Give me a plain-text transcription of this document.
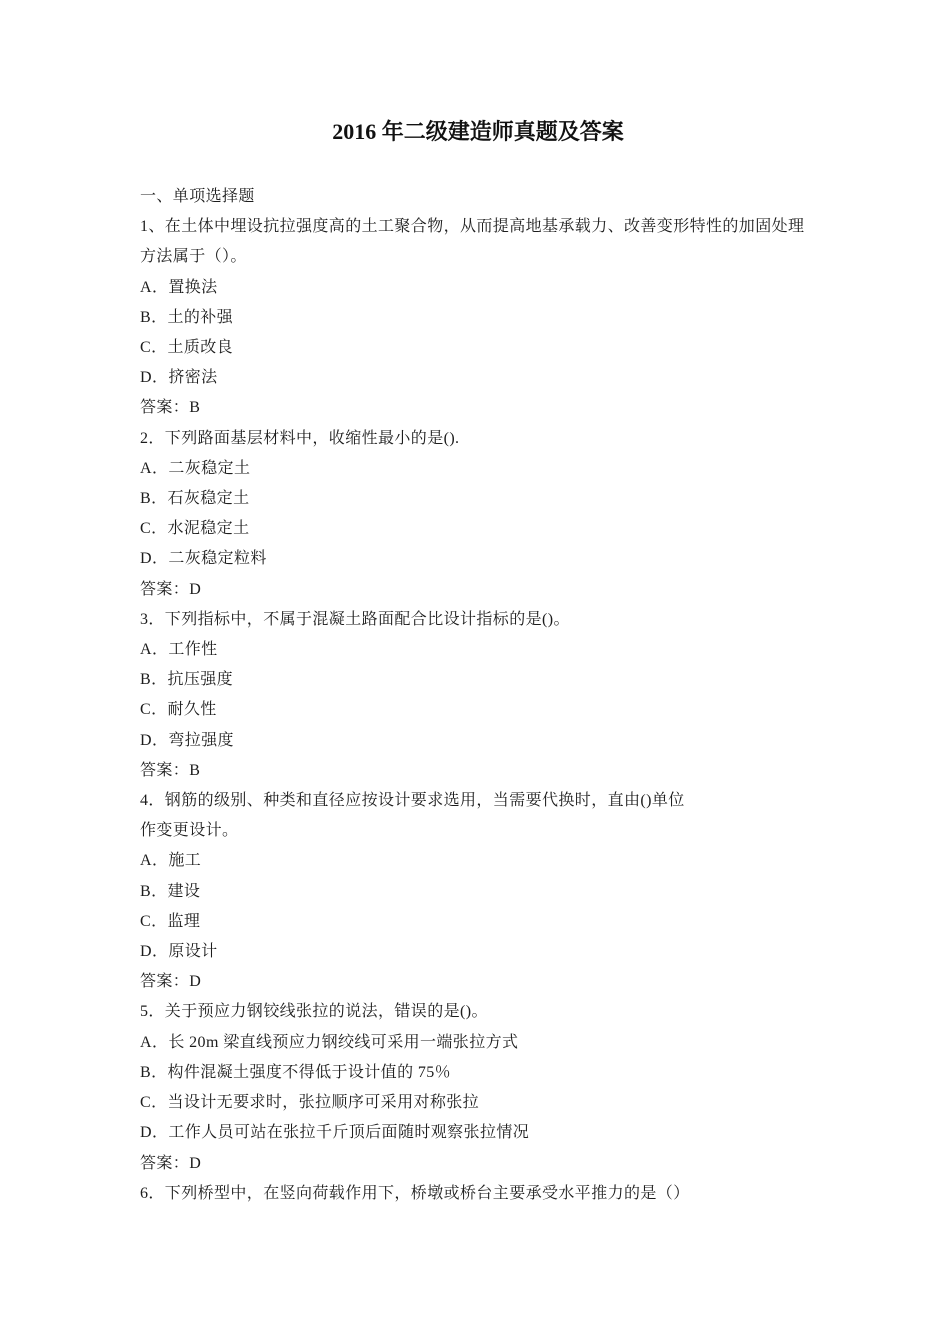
2016 年二级建造师真题及答案
一、单项选择题
1、在土体中埋设抗拉强度高的土工聚合物，从而提高地基承载力、改善变形特性的加固处理
方法属于（）。
A．置换法
B．土的补强
C．土质改良
D．挤密法
答案：B
2．下列路面基层材料中，收缩性最小的是().
A．二灰稳定土
B．石灰稳定土
C．水泥稳定土
D．二灰稳定粒料
答案：D
3．下列指标中，不属于混凝土路面配合比设计指标的是()。
A．工作性
B．抗压强度
C．耐久性
D．弯拉强度
答案：B
4．钢筋的级别、种类和直径应按设计要求选用，当需要代换时，直由()单位
作变更设计。
A．施工
B．建设
C．监理
D．原设计
答案：D
5．关于预应力钢铰线张拉的说法，错误的是()。
A．长 20m 梁直线预应力钢绞线可采用一端张拉方式
B．构件混凝土强度不得低于设计值的 75％
C．当设计无要求时，张拉顺序可采用对称张拉
D．工作人员可站在张拉千斤顶后面随时观察张拉情况
答案：D
6．下列桥型中，在竖向荷载作用下，桥墩或桥台主要承受水平推力的是（）
